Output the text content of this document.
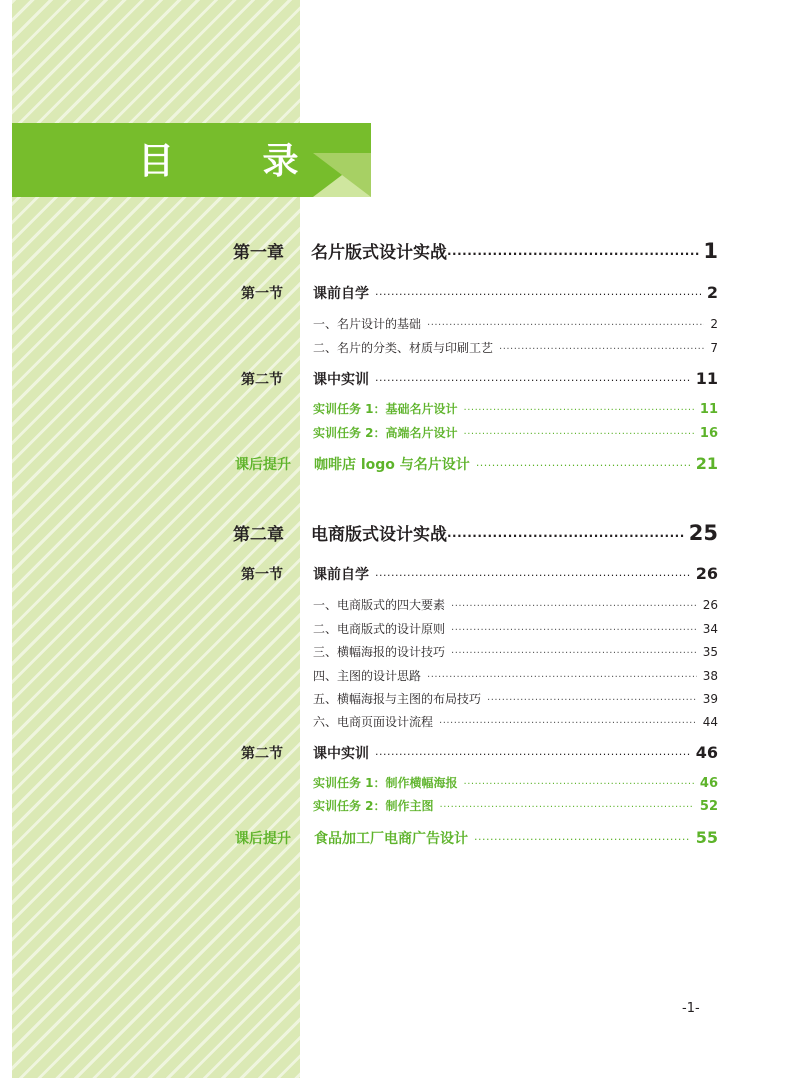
目 录
第一章	名片版式设计实战 ·····	1
第一节	课前自学 ·····	2
一、名片设计的基础 ·····	2
二、名片的分类、材质与印刷工艺 ·····	7
第二节	课中实训 ·····	11
实训任务 1：基础名片设计 ·····	11
实训任务 2：高端名片设计 ·····	16
课后提升	咖啡店 logo 与名片设计 ·····	21
第二章	电商版式设计实战 ·····	25
第一节	课前自学 ·····	26
一、电商版式的四大要素 ·····	26
二、电商版式的设计原则 ·····	34
三、横幅海报的设计技巧 ·····	35
四、主图的设计思路 ·····	38
五、横幅海报与主图的布局技巧 ·····	39
六、电商页面设计流程 ·····	44
第二节	课中实训 ·····	46
实训任务 1：制作横幅海报 ·····	46
实训任务 2：制作主图 ·····	52
课后提升	食品加工厂电商广告设计 ·····	55
-1-
